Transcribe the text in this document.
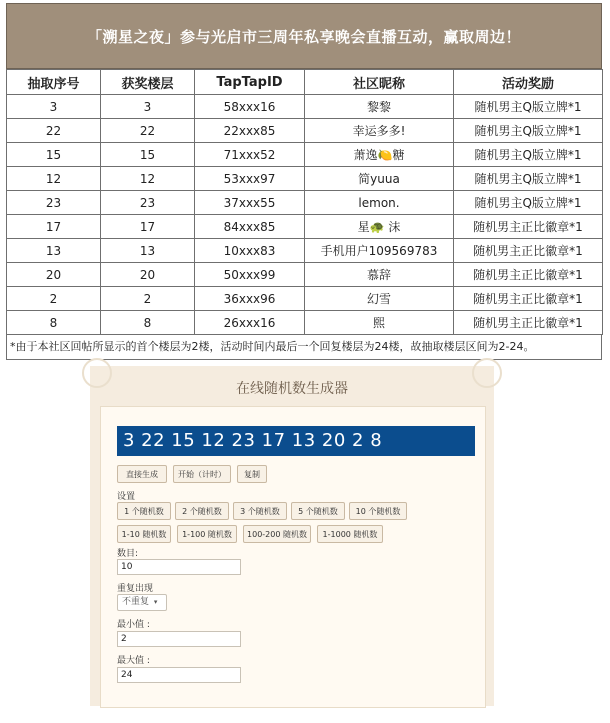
「溯星之夜」参与光启市三周年私享晚会直播互动，赢取周边！
抽取序号	获奖楼层	TapTapID	社区昵称	活动奖励
3	3	58xxx16	黎黎	随机男主Q版立牌*1
22	22	22xxx85	幸运多多!	随机男主Q版立牌*1
15	15	71xxx52	萧逸🍋糖	随机男主Q版立牌*1
12	12	53xxx97	简yuua	随机男主Q版立牌*1
23	23	37xxx55	lemon.	随机男主Q版立牌*1
17	17	84xxx85	星🐢 沫	随机男主正比徽章*1
13	13	10xxx83	手机用户109569783	随机男主正比徽章*1
20	20	50xxx99	慕辞	随机男主正比徽章*1
2	2	36xxx96	幻雪	随机男主正比徽章*1
8	8	26xxx16	熙	随机男主正比徽章*1
*由于本社区回帖所显示的首个楼层为2楼，活动时间内最后一个回复楼层为24楼，故抽取楼层区间为2-24。
在线随机数生成器
3 22 15 12 23 17 13 20 2 8
直接生成	开始（计时）	复制
设置
1 个随机数	2 个随机数	3 个随机数	5 个随机数	10 个随机数
1-10 随机数	1-100 随机数	100-200 随机数	1-1000 随机数
数目:
10
重复出现
不重复 ▾
最小值 :
2
最大值 :
24
